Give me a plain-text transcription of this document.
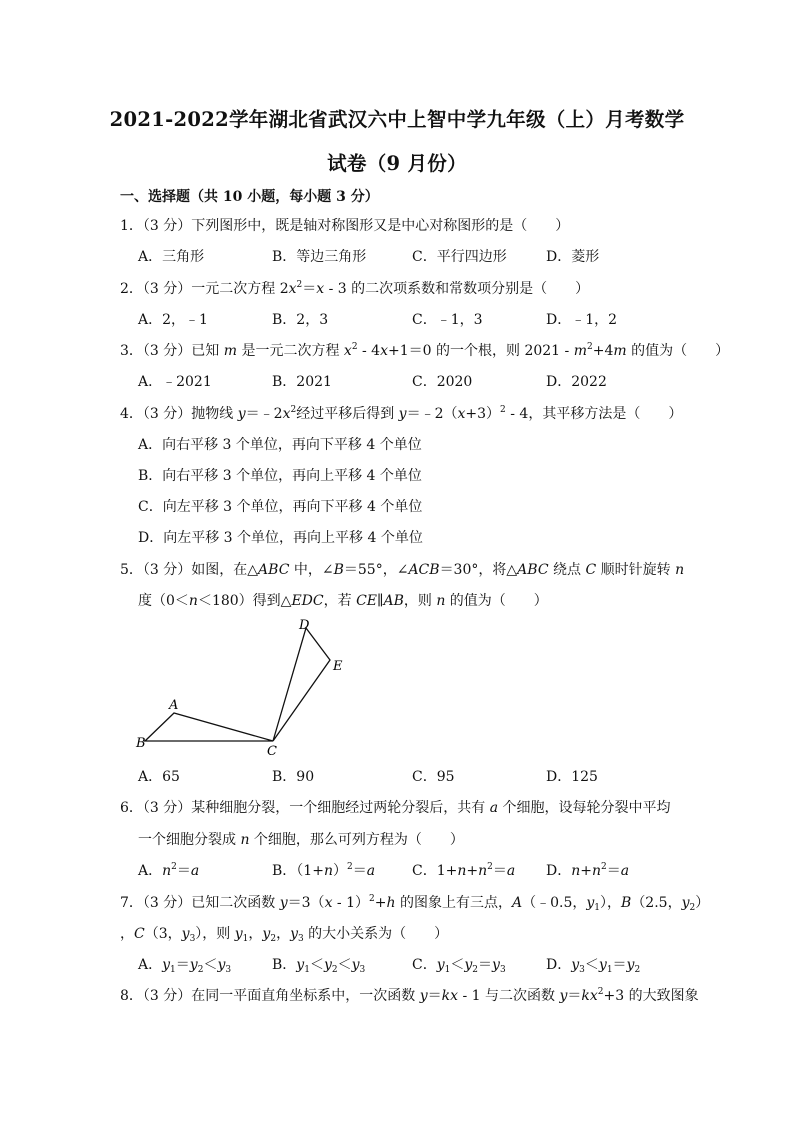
2021-2022学年湖北省武汉六中上智中学九年级（上）月考数学
试卷（9 月份）
一、选择题（共 10 小题，每小题 3 分）
1．（3 分）下列图形中，既是轴对称图形又是中心对称图形的是（　　）
A．三角形	B．等边三角形	C．平行四边形	D．菱形
2．（3 分）一元二次方程 $2x^2=x - 3$ 的二次项系数和常数项分别是（　　）
A．2，﹣1	B．2，3	C．﹣1，3	D．﹣1，2
3．（3 分）已知 m 是一元二次方程 $x^2 - 4x+1=0$ 的一个根，则 $2021 - m^2+4m$ 的值为（　　）
A．﹣2021	B．2021	C．2020	D．2022
4．（3 分）抛物线 $y=﹣2x^2$经过平移后得到 $y=﹣2(x+3)^2 - 4$，其平移方法是（　　）
A．向右平移 3 个单位，再向下平移 4 个单位
B．向右平移 3 个单位，再向上平移 4 个单位
C．向左平移 3 个单位，再向下平移 4 个单位
D．向左平移 3 个单位，再向上平移 4 个单位
5．（3 分）如图，在△ABC 中，∠B＝55°，∠ACB＝30°，将△ABC 绕点 C 顺时针旋转 n
度（0＜n＜180）得到△EDC，若 CE∥AB，则 n 的值为（　　）
D
E
A
B
C
A．65	B．90	C．95	D．125
6．（3 分）某种细胞分裂，一个细胞经过两轮分裂后，共有 a 个细胞，设每轮分裂中平均
一个细胞分裂成 n 个细胞，那么可列方程为（　　）
A．$n^2=a$	B．$(1+n)^2=a$	C．$1+n+n^2=a$ D．$n+n^2=a$
7．（3 分）已知二次函数 y＝3（x - 1）$^2$+h 的图象上有三点，A（﹣0.5，$y_1$），B（2.5，$y_2$）
，C（3，$y_3$），则 $y_1$，$y_2$，$y_3$ 的大小关系为（　　）
A．$y_1=y_2<y_3$	B．$y_1<y_2<y_3$	C．$y_1<y_2=y_3$	D．$y_3<y_1=y_2$
8．（3 分）在同一平面直角坐标系中，一次函数 y＝kx - 1 与二次函数 $y=kx^2+3$ 的大致图象
